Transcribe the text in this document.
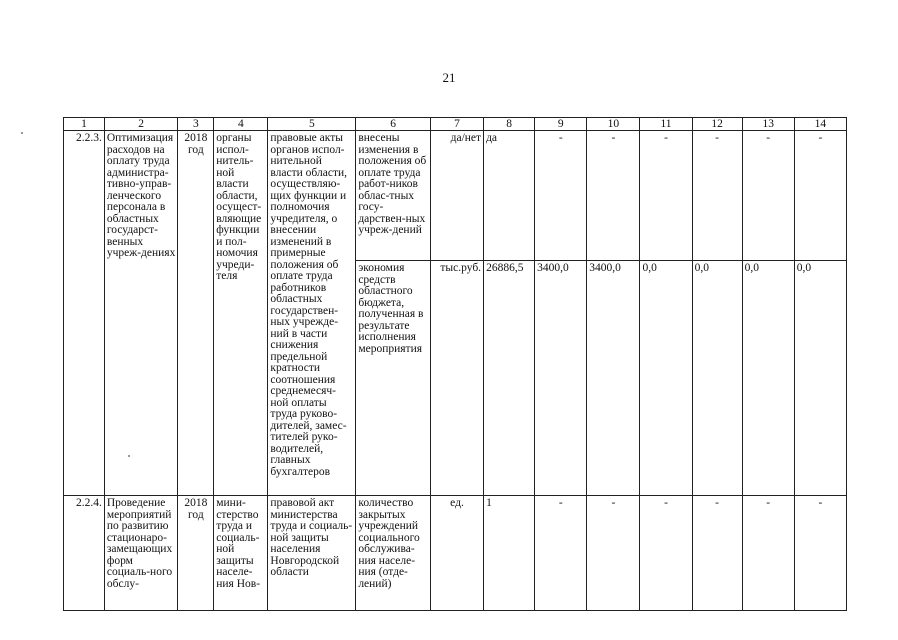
21
1	2	3	4	5	6	7	8	9	10	11	12	13	14
2.2.3.	Оптимизация расходов на оплату труда администра-тивно-управ-ленческого персонала в областных государст-венных учреж-дениях	2018 год	органы испол-нитель-ной власти области, осущест-вляющие функции и пол-номочия учреди-теля	правовые акты органов испол-нительной власти области, осуществляю-щих функции и полномочия учредителя, о внесении изменений в примерные положения об оплате труда работников областных государствен-ных учрежде-ний в части снижения предельной кратности соотношения среднемесяч-ной оплаты труда руково-дителей, замес-тителей руко-водителей, главных бухгалтеров	внесены изменения в положения об оплате труда работ-ников облас-тных госу-дарствен-ных учреж-дений	да/нет	да	-	-	-	-	-	-
					экономия средств областного бюджета, полученная в результате исполнения мероприятия	тыс.руб.	26886,5	3400,0	3400,0	0,0	0,0	0,0	0,0
2.2.4.	Проведение мероприятий по развитию стационаро-замещающих форм социаль-ного обслу-	2018 год	мини-стерство труда и социаль-ной защиты населе-ния Нов-	правовой акт министерства труда и социаль-ной защиты населения Новгородской области	количество закрытых учреждений социального обслужива-ния населе-ния (отде-лений)	ед.	1	-	-	-	-	-	-
